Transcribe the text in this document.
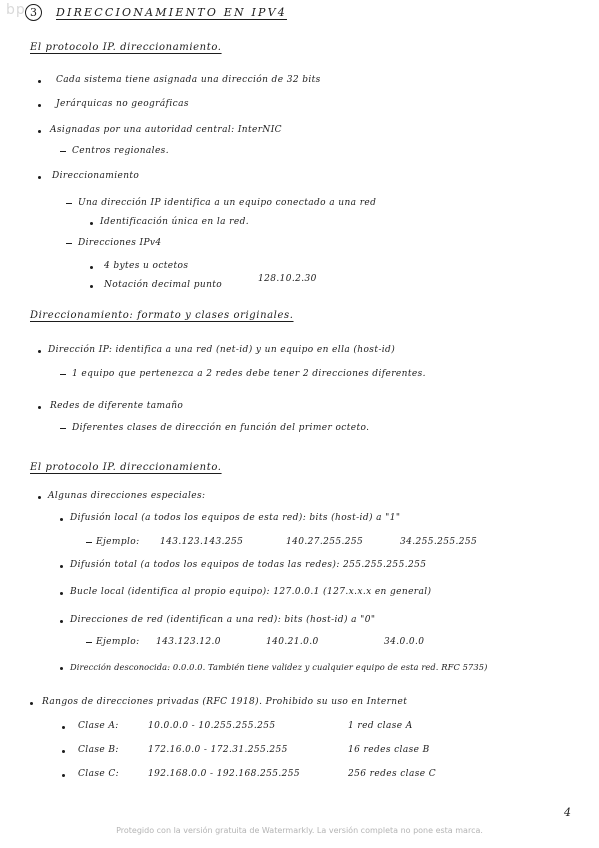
bp 3	DIRECCIONAMIENTO EN IPV4
El protocolo IP. direccionamiento.
Cada sistema tiene asignada una dirección de 32 bits
Jerárquicas no geográficas
Asignadas por una autoridad central: InterNIC
Centros regionales.
Direccionamiento
Una dirección IP identifica a un equipo conectado a una red
Identificación única en la red.
Direcciones IPv4
4 bytes u octetos
Notación decimal punto
128.10.2.30
Direccionamiento: formato y clases originales.
Dirección IP: identifica a una red (net-id) y un equipo en ella (host-id)
1 equipo que pertenezca a 2 redes debe tener 2 direcciones diferentes.
Redes de diferente tamaño
Diferentes clases de dirección en función del primer octeto.
El protocolo IP. direccionamiento.
Algunas direcciones especiales:
Difusión local (a todos los equipos de esta red): bits (host-id) a "1"
Ejemplo: 143.123.143.255	140.27.255.255	34.255.255.255
Difusión total (a todos los equipos de todas las redes): 255.255.255.255
Bucle local (identifica al propio equipo): 127.0.0.1 (127.x.x.x en general)
Direcciones de red (identifican a una red): bits (host-id) a "0"
Ejemplo: 143.123.12.0	140.21.0.0	34.0.0.0
Dirección desconocida: 0.0.0.0. También tiene validez y cualquier equipo de esta red. RFC 5735)
Rangos de direcciones privadas (RFC 1918). Prohibido su uso en Internet
Clase A:	10.0.0.0 - 10.255.255.255	1 red clase A
Clase B:	172.16.0.0 - 172.31.255.255	16 redes clase B
Clase C:	192.168.0.0 - 192.168.255.255	256 redes clase C
4
Protegido con la versión gratuita de Watermarkly. La versión completa no pone esta marca.
